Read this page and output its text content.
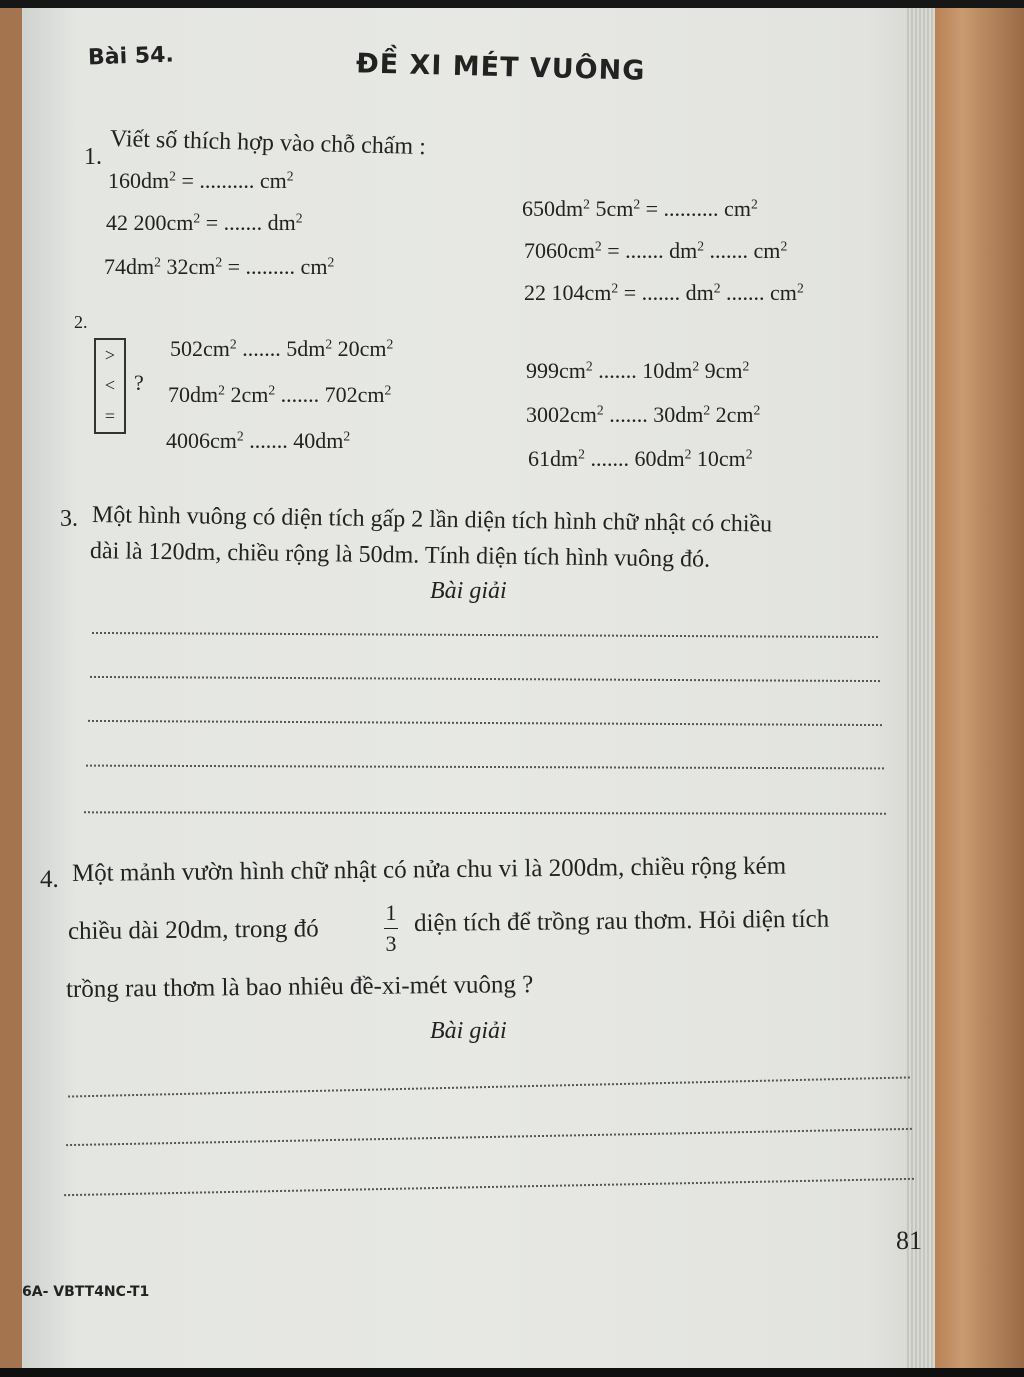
Bài 54.	ĐỀ XI MÉT VUÔNG
1. Viết số thích hợp vào chỗ chấm :
$160dm^2$ = .......... $cm^2$
42 $200cm^2$ = ....... $dm^2$
$74dm^2$ $32cm^2$ = ......... $cm^2$
$650dm^2$ $5cm^2$ = .......... $cm^2$
$7060cm^2$ = ....... $dm^2$ ....... $cm^2$
22 $104cm^2$ = ....... $dm^2$ ....... $cm^2$
2.
>
<
=
?
$502cm^2$ ....... $5dm^2$ $20cm^2$
$70dm^2$ $2cm^2$ ....... $702cm^2$
$4006cm^2$ ....... $40dm^2$
$999cm^2$ ....... $10dm^2$ $9cm^2$
$3002cm^2$ ....... $30dm^2$ $2cm^2$
$61dm^2$ ....... $60dm^2$ $10cm^2$
3. Một hình vuông có diện tích gấp 2 lần diện tích hình chữ nhật có chiều
dài là 120dm, chiều rộng là 50dm. Tính diện tích hình vuông đó.
Bài giải
4. Một mảnh vườn hình chữ nhật có nửa chu vi là 200dm, chiều rộng kém
chiều dài 20dm, trong đó
1
3
diện tích để trồng rau thơm. Hỏi diện tích
trồng rau thơm là bao nhiêu đề-xi-mét vuông ?
Bài giải
81
6A- VBTT4NC-T1
